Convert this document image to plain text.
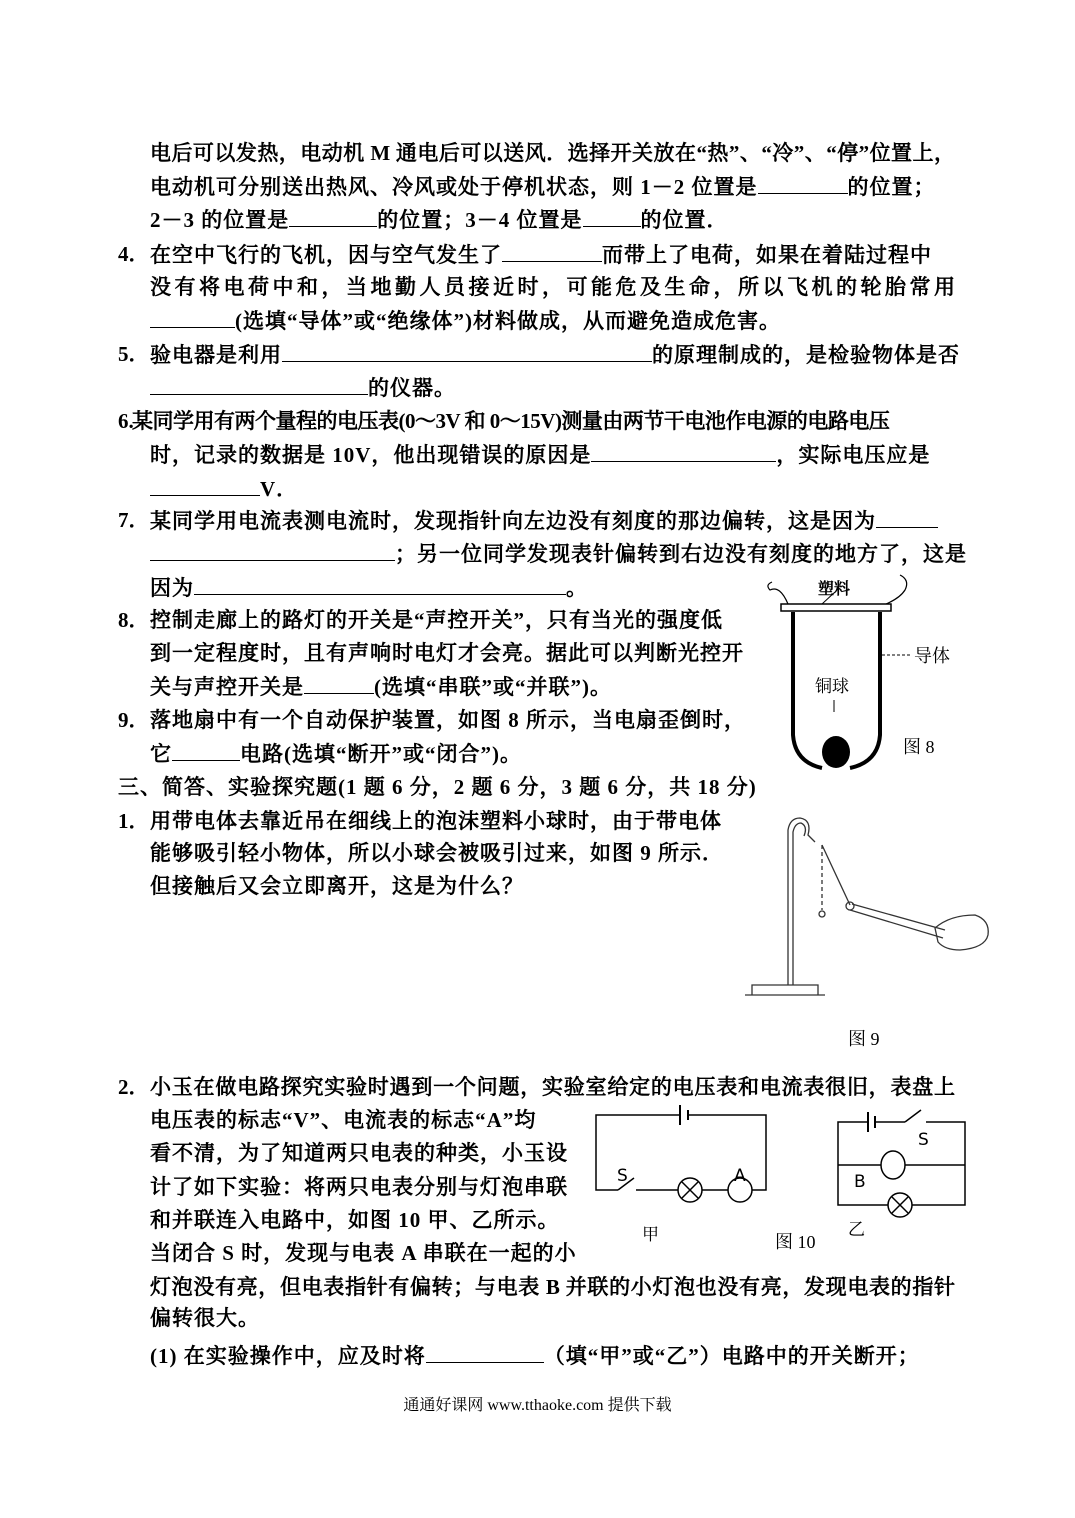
电后可以发热，电动机 M 通电后可以送风．选择开关放在“热”、“冷”、“停”位置上，
电动机可分别送出热风、冷风或处于停机状态，则 1－2 位置是	的位置；
2－3 的位置是	的位置；3－4 位置是	的位置．
4． 在空中飞行的飞机，因与空气发生了	而带上了电荷，如果在着陆过程中
没有将电荷中和，当地勤人员接近时，可能危及生命，所以飞机的轮胎常用
(选填“导体”或“绝缘体”)材料做成，从而避免造成危害。
5． 验电器是利用	的原理制成的，是检验物体是否
的仪器。
6.
某同学用有两个量程的电压表(0～3V 和 0～15V)测量由两节干电池作电源的电路电压
时，记录的数据是 10V，他出现错误的原因是	，实际电压应是
V．
7． 某同学用电流表测电流时，发现指针向左边没有刻度的那边偏转，这是因为
；另一位同学发现表针偏转到右边没有刻度的地方了，这是
因为	。
8． 控制走廊上的路灯的开关是“声控开关”，只有当光的强度低
到一定程度时，且有声响时电灯才会亮。据此可以判断光控开
关与声控开关是	(选填“串联”或“并联”)。
9． 落地扇中有一个自动保护装置，如图 8 所示，当电扇歪倒时，
它	电路(选填“断开”或“闭合”)。
三、简答、实验探究题(1 题 6 分，2 题 6 分，3 题 6 分，共 18 分)
1． 用带电体去靠近吊在细线上的泡沫塑料小球时，由于带电体
能够吸引轻小物体，所以小球会被吸引过来，如图 9 所示．
但接触后又会立即离开，这是为什么？
2． 小玉在做电路探究实验时遇到一个问题，实验室给定的电压表和电流表很旧，表盘上
电压表的标志“V”、电流表的标志“A”均
看不清，为了知道两只电表的种类，小玉设
计了如下实验：将两只电表分别与灯泡串联
和并联连入电路中，如图 10 甲、乙所示。
当闭合 S 时，发现与电表 A 串联在一起的小
灯泡没有亮，但电表指针有偏转；与电表 B 并联的小灯泡也没有亮，发现电表的指针
偏转很大。
(1) 在实验操作中，应及时将	（填“甲”或“乙”）电路中的开关断开；
塑料
导体
铜球
图 8
图 9
S	A
甲	图 10
S
B
乙
通通好课网 www.tthaoke.com 提供下载
